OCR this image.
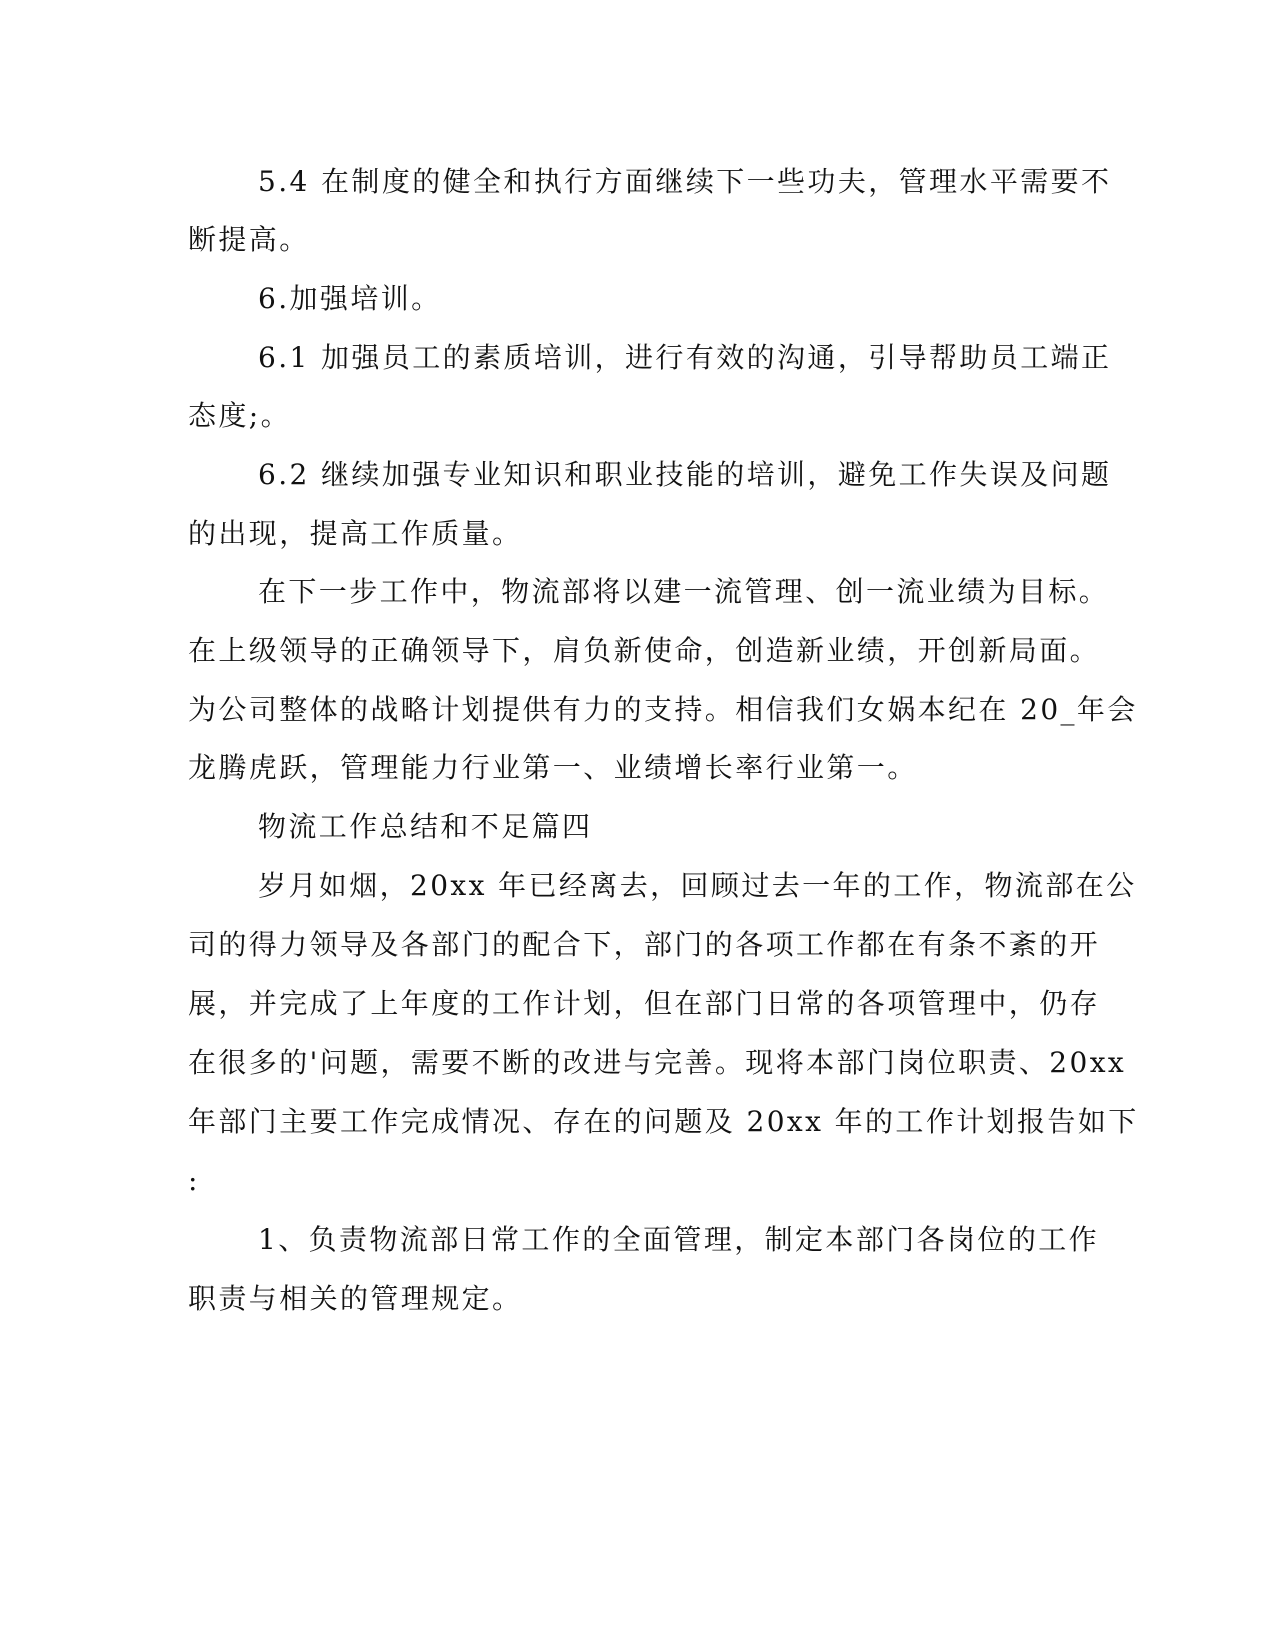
5.4 在制度的健全和执行方面继续下一些功夫，管理水平需要不
断提高。
6.加强培训。
6.1 加强员工的素质培训，进行有效的沟通，引导帮助员工端正
态度;。
6.2 继续加强专业知识和职业技能的培训，避免工作失误及问题
的出现，提高工作质量。
在下一步工作中，物流部将以建一流管理、创一流业绩为目标。
在上级领导的正确领导下，肩负新使命，创造新业绩，开创新局面。
为公司整体的战略计划提供有力的支持。相信我们女娲本纪在 20_年会
龙腾虎跃，管理能力行业第一、业绩增长率行业第一。
物流工作总结和不足篇四
岁月如烟，20xx 年已经离去，回顾过去一年的工作，物流部在公
司的得力领导及各部门的配合下，部门的各项工作都在有条不紊的开
展，并完成了上年度的工作计划，但在部门日常的各项管理中，仍存
在很多的'问题，需要不断的改进与完善。现将本部门岗位职责、20xx
年部门主要工作完成情况、存在的问题及 20xx 年的工作计划报告如下
:
1、负责物流部日常工作的全面管理，制定本部门各岗位的工作
职责与相关的管理规定。
